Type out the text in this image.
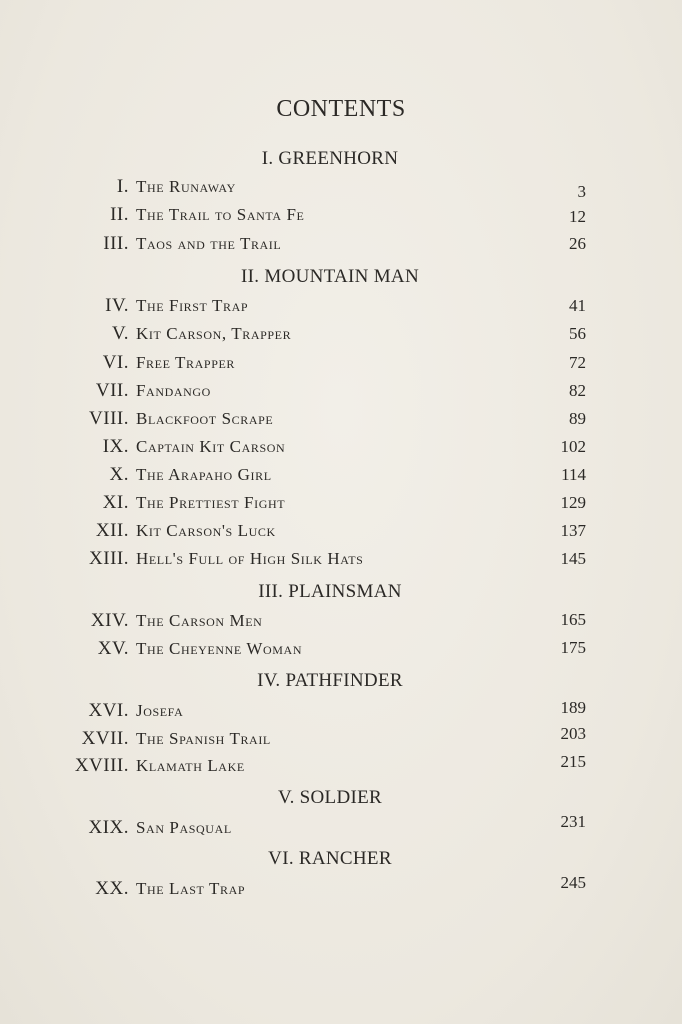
CONTENTS
I. GREENHORN
I. The Runaway	3
II. The Trail to Santa Fe	12
III. Taos and the Trail	26
II. MOUNTAIN MAN
IV. The First Trap	41
V. Kit Carson, Trapper	56
VI. Free Trapper	72
VII. Fandango	82
VIII. Blackfoot Scrape	89
IX. Captain Kit Carson	102
X. The Arapaho Girl	114
XI. The Prettiest Fight	129
XII. Kit Carson's Luck	137
XIII. Hell's Full of High Silk Hats	145
III. PLAINSMAN
XIV. The Carson Men	165
XV. The Cheyenne Woman	175
IV. PATHFINDER
XVI. Josefa	189
XVII. The Spanish Trail	203
XVIII. Klamath Lake	215
V. SOLDIER
XIX. San Pasqual	231
VI. RANCHER
XX. The Last Trap	245
